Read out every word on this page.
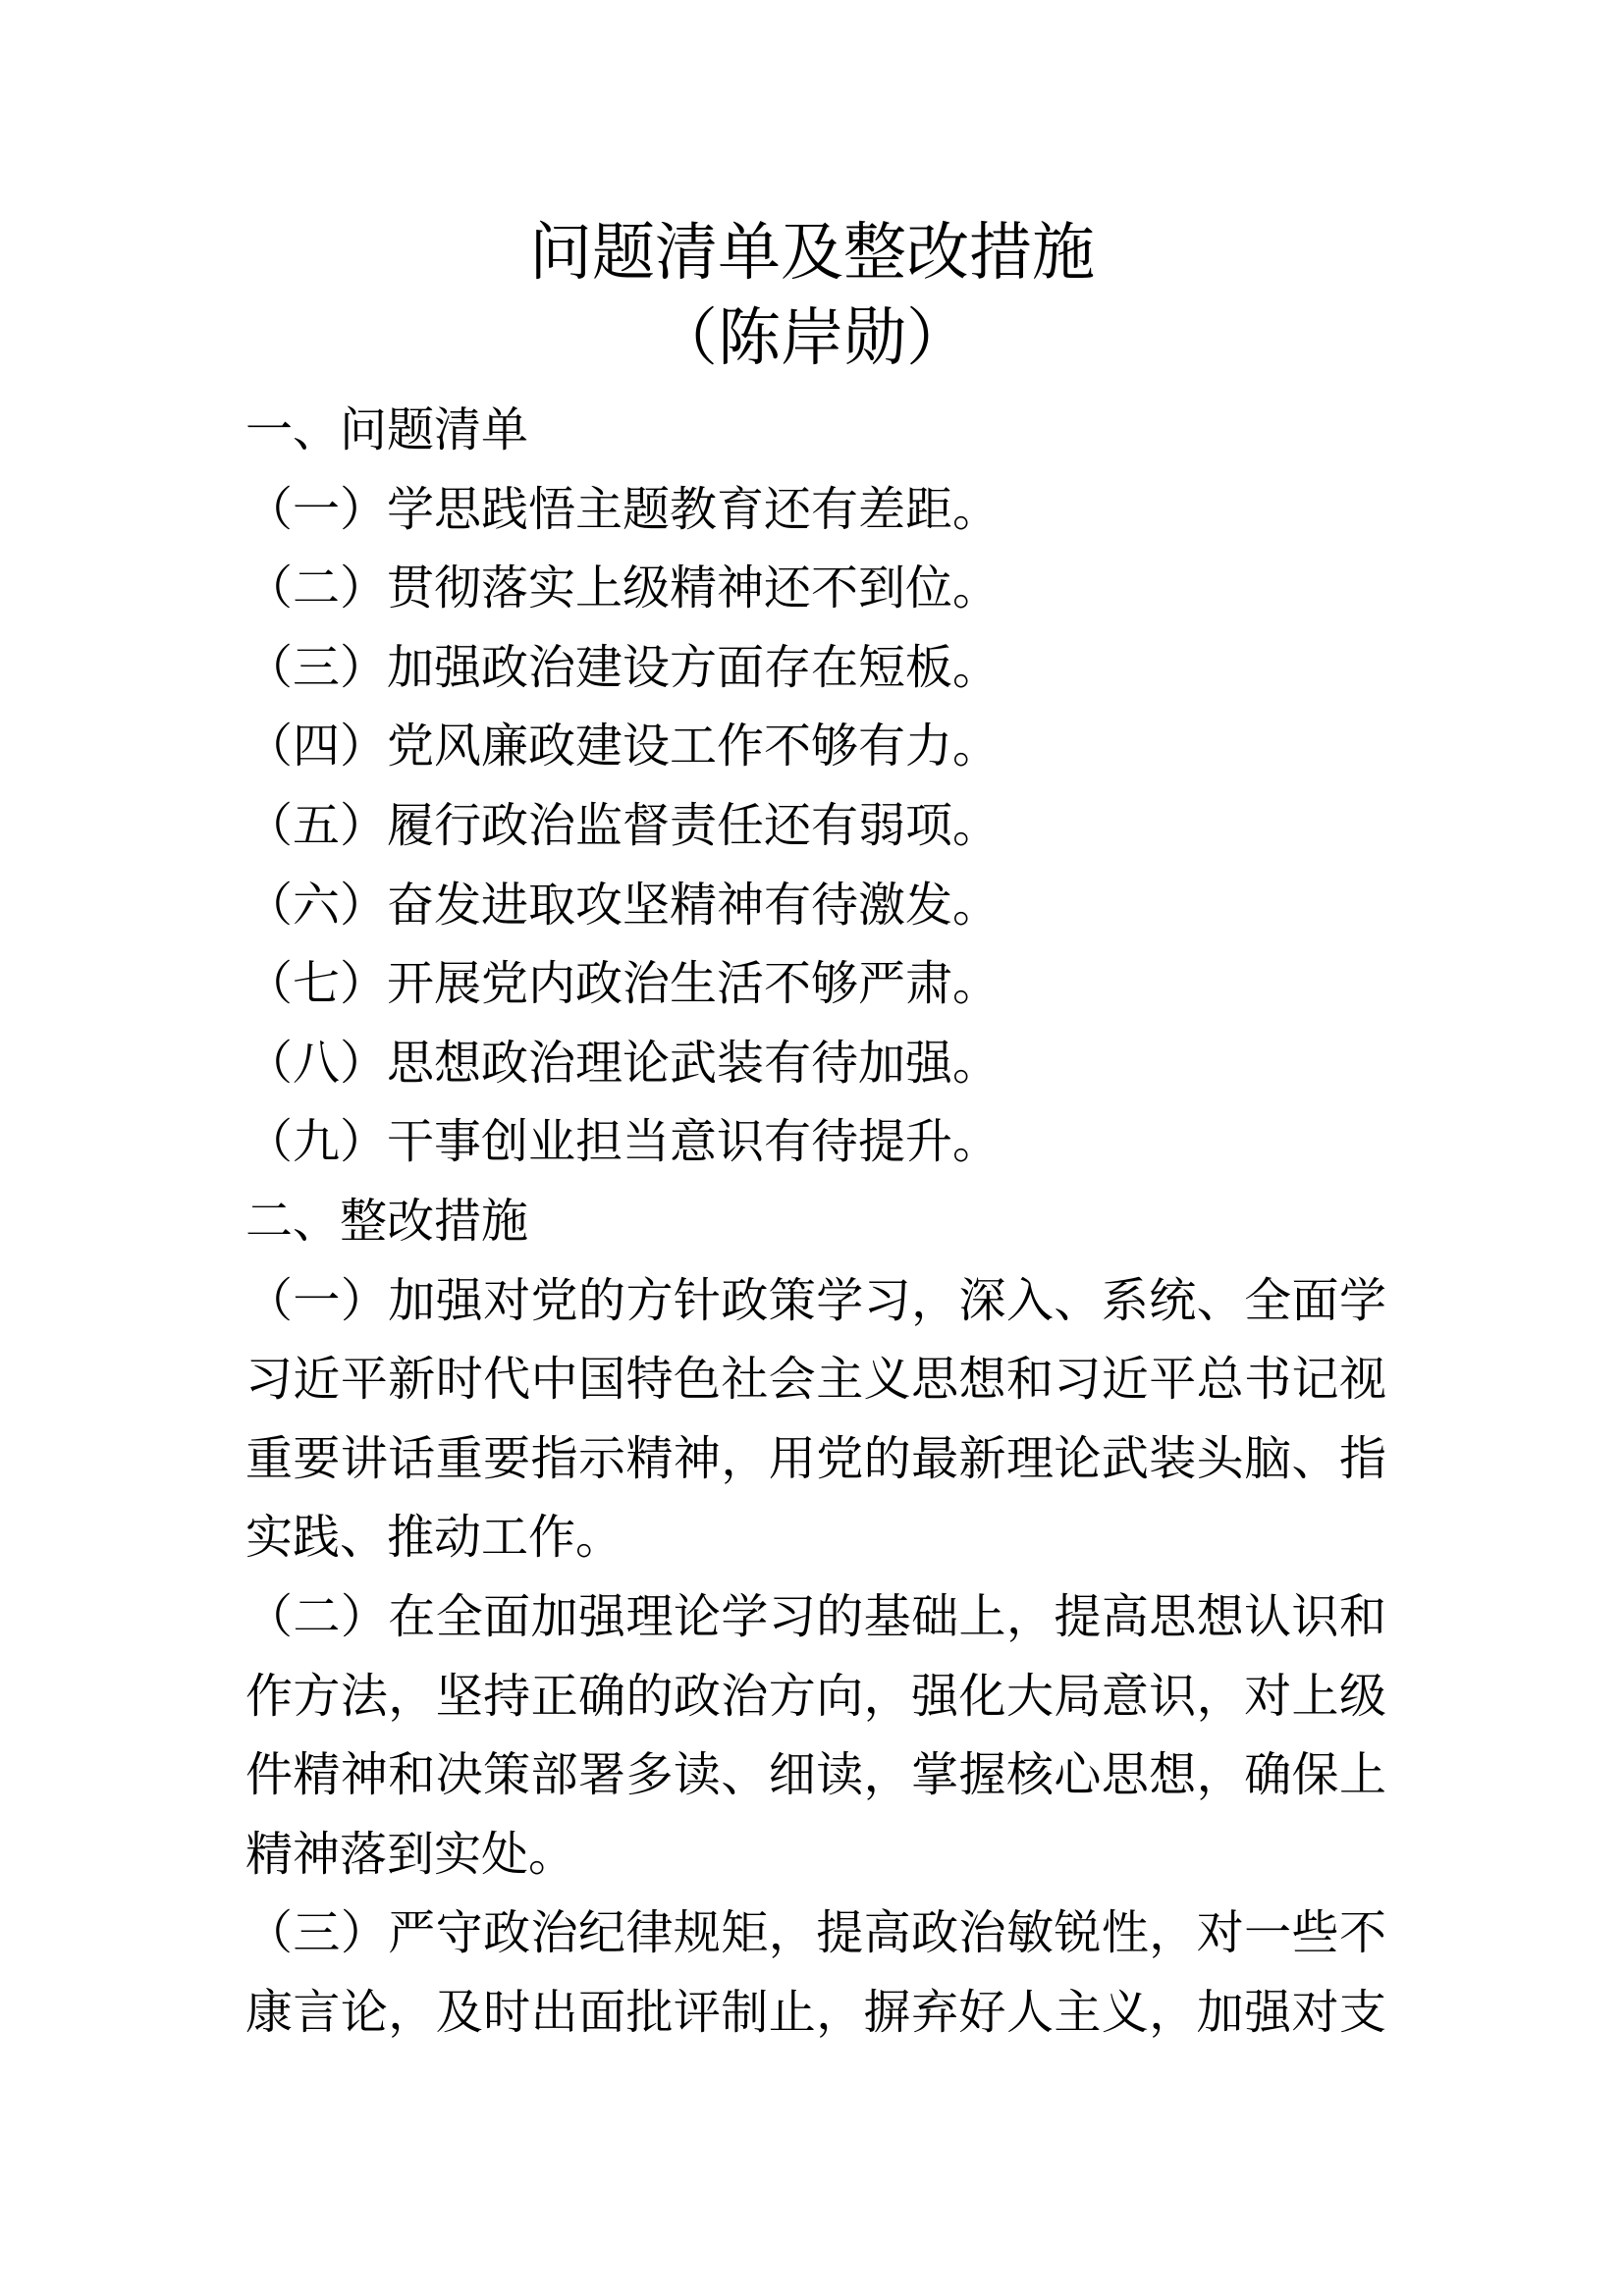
问题清单及整改措施
（陈岸勋）
一、问题清单
（一）学思践悟主题教育还有差距。
（二）贯彻落实上级精神还不到位。
（三）加强政治建设方面存在短板。
（四）党风廉政建设工作不够有力。
（五）履行政治监督责任还有弱项。
（六）奋发进取攻坚精神有待激发。
（七）开展党内政治生活不够严肃。
（八）思想政治理论武装有待加强。
（九）干事创业担当意识有待提升。
二、整改措施
（一）加强对党的方针政策学习，深入、系统、全面学
习近平新时代中国特色社会主义思想和习近平总书记视
重要讲话重要指示精神，用党的最新理论武装头脑、指
实践、推动工作。
（二）在全面加强理论学习的基础上，提高思想认识和
作方法，坚持正确的政治方向，强化大局意识，对上级
件精神和决策部署多读、细读，掌握核心思想，确保上
精神落到实处。
（三）严守政治纪律规矩，提高政治敏锐性，对一些不
康言论，及时出面批评制止，摒弃好人主义，加强对支
